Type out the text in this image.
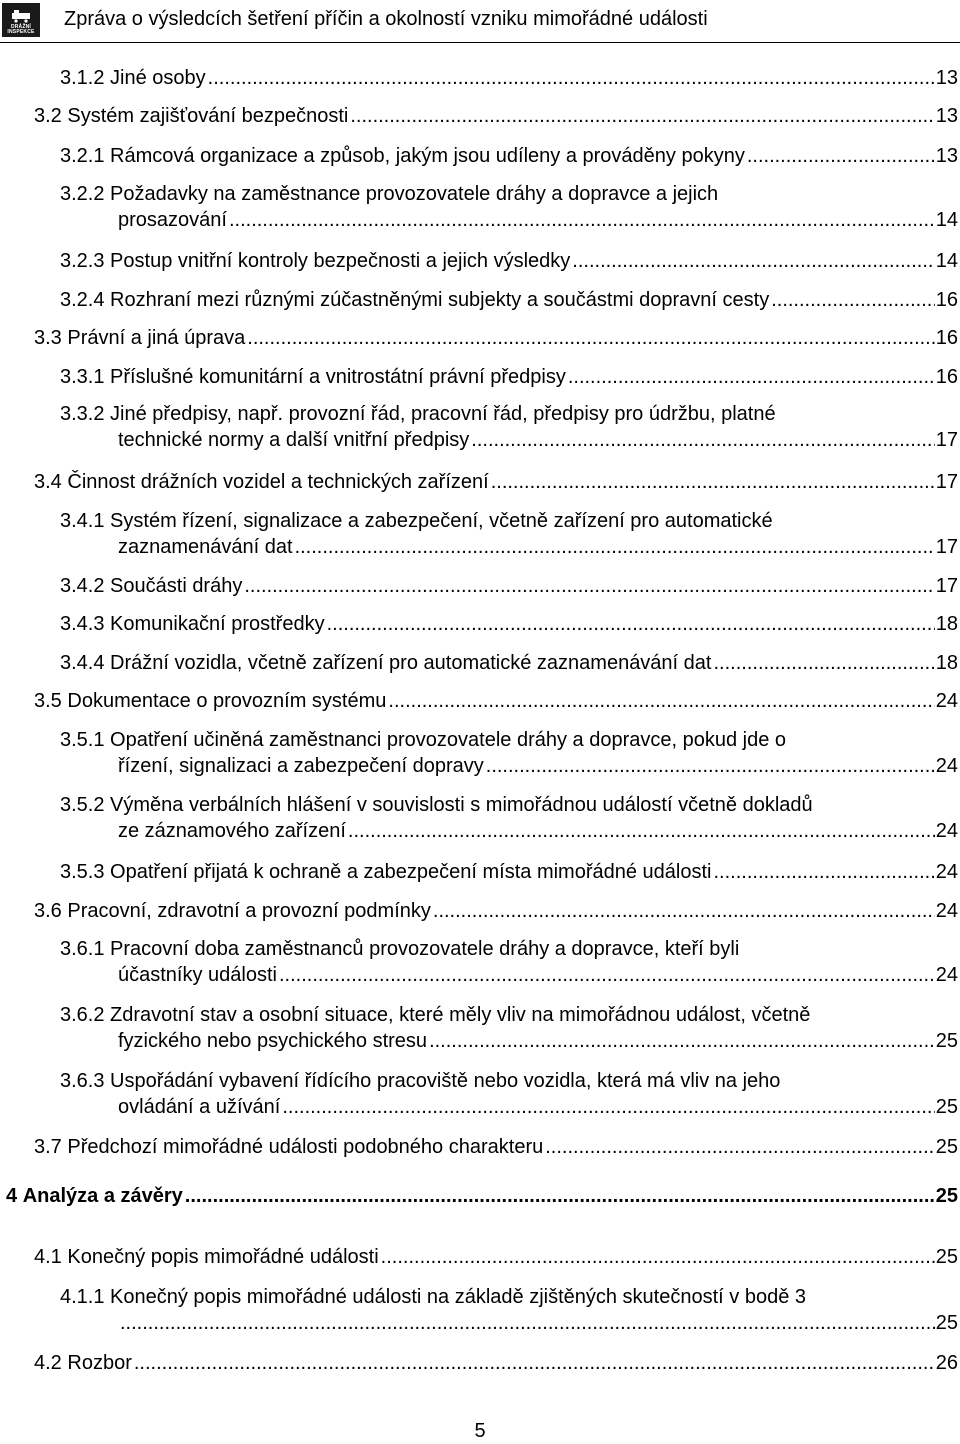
DRÁŽNÍ
INSPEKCE
Zpráva o výsledcích šetření příčin a okolností vzniku mimořádné události
3.1.2
Jiné osoby .....	13
3.2
Systém zajišťování bezpečnosti .....	13
3.2.1
Rámcová organizace a způsob, jakým jsou udíleny a prováděny pokyny .....	13
3.2.2 Požadavky na zaměstnance provozovatele dráhy a dopravce a jejich
prosazování .....	14
3.2.3
Postup vnitřní kontroly bezpečnosti a jejich výsledky .....	14
3.2.4
Rozhraní mezi různými zúčastněnými subjekty a součástmi dopravní cesty .....	16
3.3
Právní a jiná úprava .....	16
3.3.1
Příslušné komunitární a vnitrostátní právní předpisy .....	16
3.3.2 Jiné předpisy, např. provozní řád, pracovní řád, předpisy pro údržbu, platné
technické normy a další vnitřní předpisy .....	17
3.4
Činnost drážních vozidel a technických zařízení .....	17
3.4.1 Systém řízení, signalizace a zabezpečení, včetně zařízení pro automatické
zaznamenávání dat .....	17
3.4.2
Součásti dráhy .....	17
3.4.3
Komunikační prostředky .....	18
3.4.4
Drážní vozidla, včetně zařízení pro automatické zaznamenávání dat .....	18
3.5
Dokumentace o provozním systému .....	24
3.5.1 Opatření učiněná zaměstnanci provozovatele dráhy a dopravce, pokud jde o
řízení, signalizaci a zabezpečení dopravy .....	24
3.5.2 Výměna verbálních hlášení v souvislosti s mimořádnou událostí včetně dokladů
ze záznamového zařízení .....	24
3.5.3
Opatření přijatá k ochraně a zabezpečení místa mimořádné události .....	24
3.6
Pracovní, zdravotní a provozní podmínky .....	24
3.6.1 Pracovní doba zaměstnanců provozovatele dráhy a dopravce, kteří byli
účastníky události .....	24
3.6.2 Zdravotní stav a osobní situace, které měly vliv na mimořádnou událost, včetně
fyzického nebo psychického stresu .....	25
3.6.3 Uspořádání vybavení řídícího pracoviště nebo vozidla, která má vliv na jeho
ovládání a užívání .....	25
3.7
Předchozí mimořádné události podobného charakteru .....	25
4
Analýza a závěry .....	25
4.1
Konečný popis mimořádné události .....	25
4.1.1 Konečný popis mimořádné události na základě zjištěných skutečností v bodě 3
.....
25
4.2
Rozbor .....	26
5
